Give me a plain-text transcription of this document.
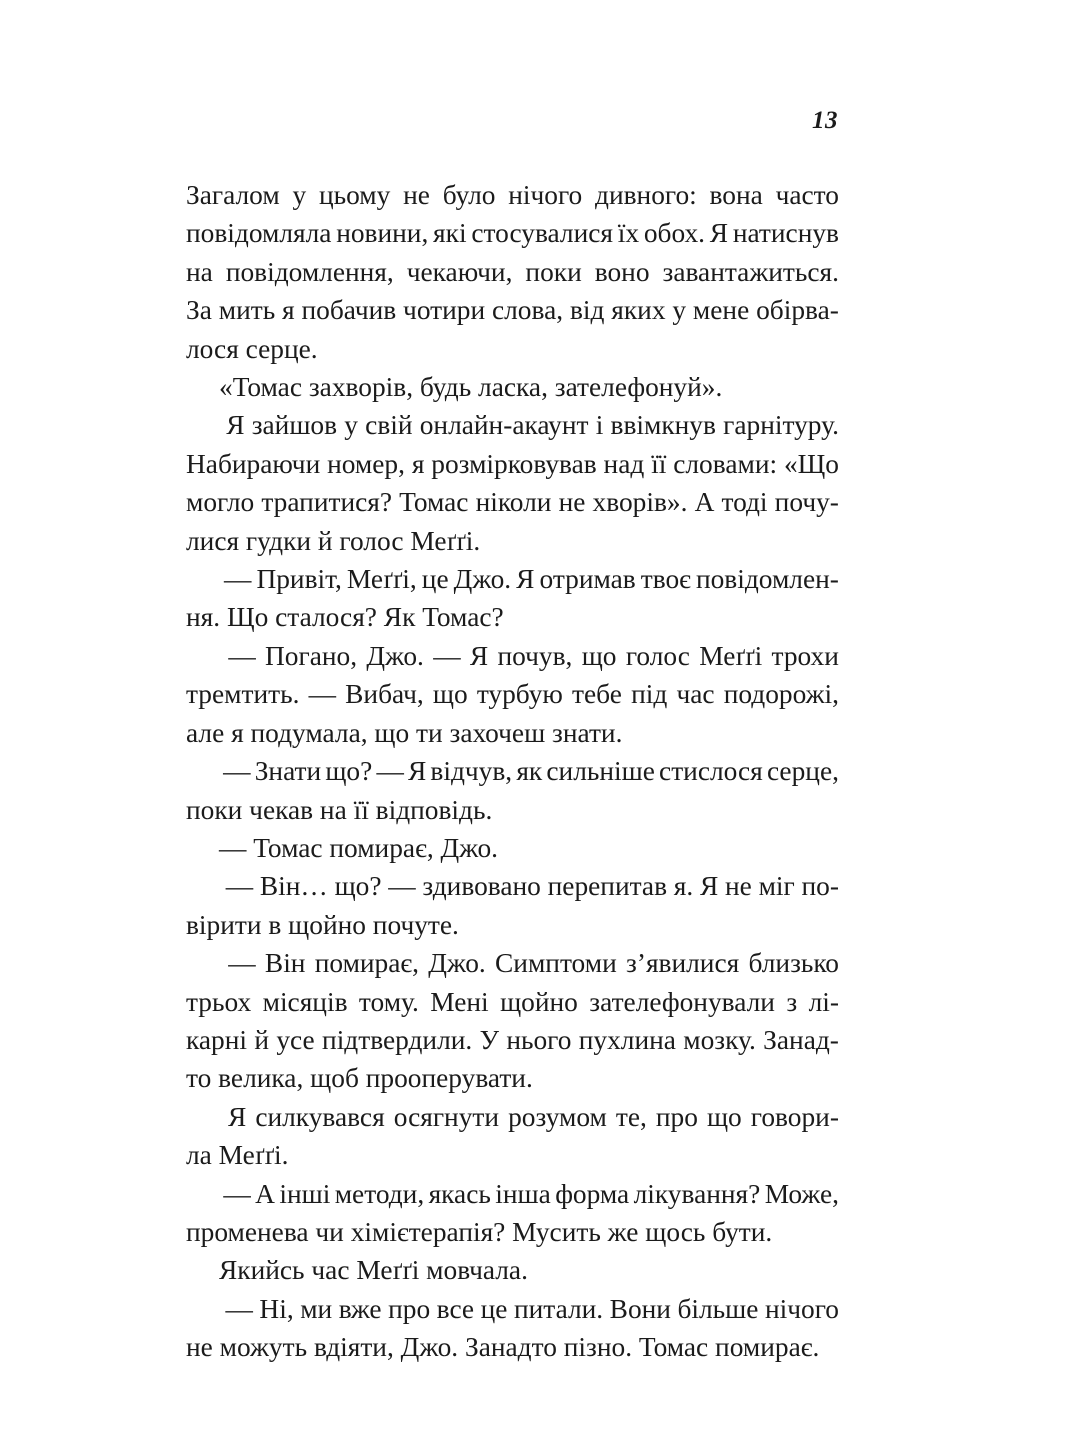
13

Загалом у цьому не було нічого дивного: вона часто
повідомляла новини, які стосувалися їх обох. Я натиснув
на повідомлення, чекаючи, поки воно завантажиться.
За мить я побачив чотири слова, від яких у мене обірва-
лося серце.

«Томас захворів, будь ласка, зателефонуй».

Я зайшов у свій онлайн-акаунт і ввімкнув гарнітуру.
Набираючи номер, я розмірковував над її словами: «Що
могло трапитися? Томас ніколи не хворів». А тоді почу-
лися гудки й голос Меґґі.

— Привіт, Меґґі, це Джо. Я отримав твоє повідомлен-
ня. Що сталося? Як Томас?

— Погано, Джо. — Я почув, що голос Меґґі трохи
тремтить. — Вибач, що турбую тебе під час подорожі,
але я подумала, що ти захочеш знати.

— Знати що? — Я відчув, як сильніше стислося серце,
поки чекав на її відповідь.

— Томас помирає, Джо.

— Він… що? — здивовано перепитав я. Я не міг по-
вірити в щойно почуте.

— Він помирає, Джо. Симптоми з’явилися близько
трьох місяців тому. Мені щойно зателефонували з лі-
карні й усе підтвердили. У нього пухлина мозку. Занад-
то велика, щоб прооперувати.

Я силкувався осягнути розумом те, про що говори-
ла Меґґі.

— А інші методи, якась інша форма лікування? Може,
променева чи хімієтерапія? Мусить же щось бути.

Якийсь час Меґґі мовчала.

— Ні, ми вже про все це питали. Вони більше нічого
не можуть вдіяти, Джо. Занадто пізно. Томас помирає.
